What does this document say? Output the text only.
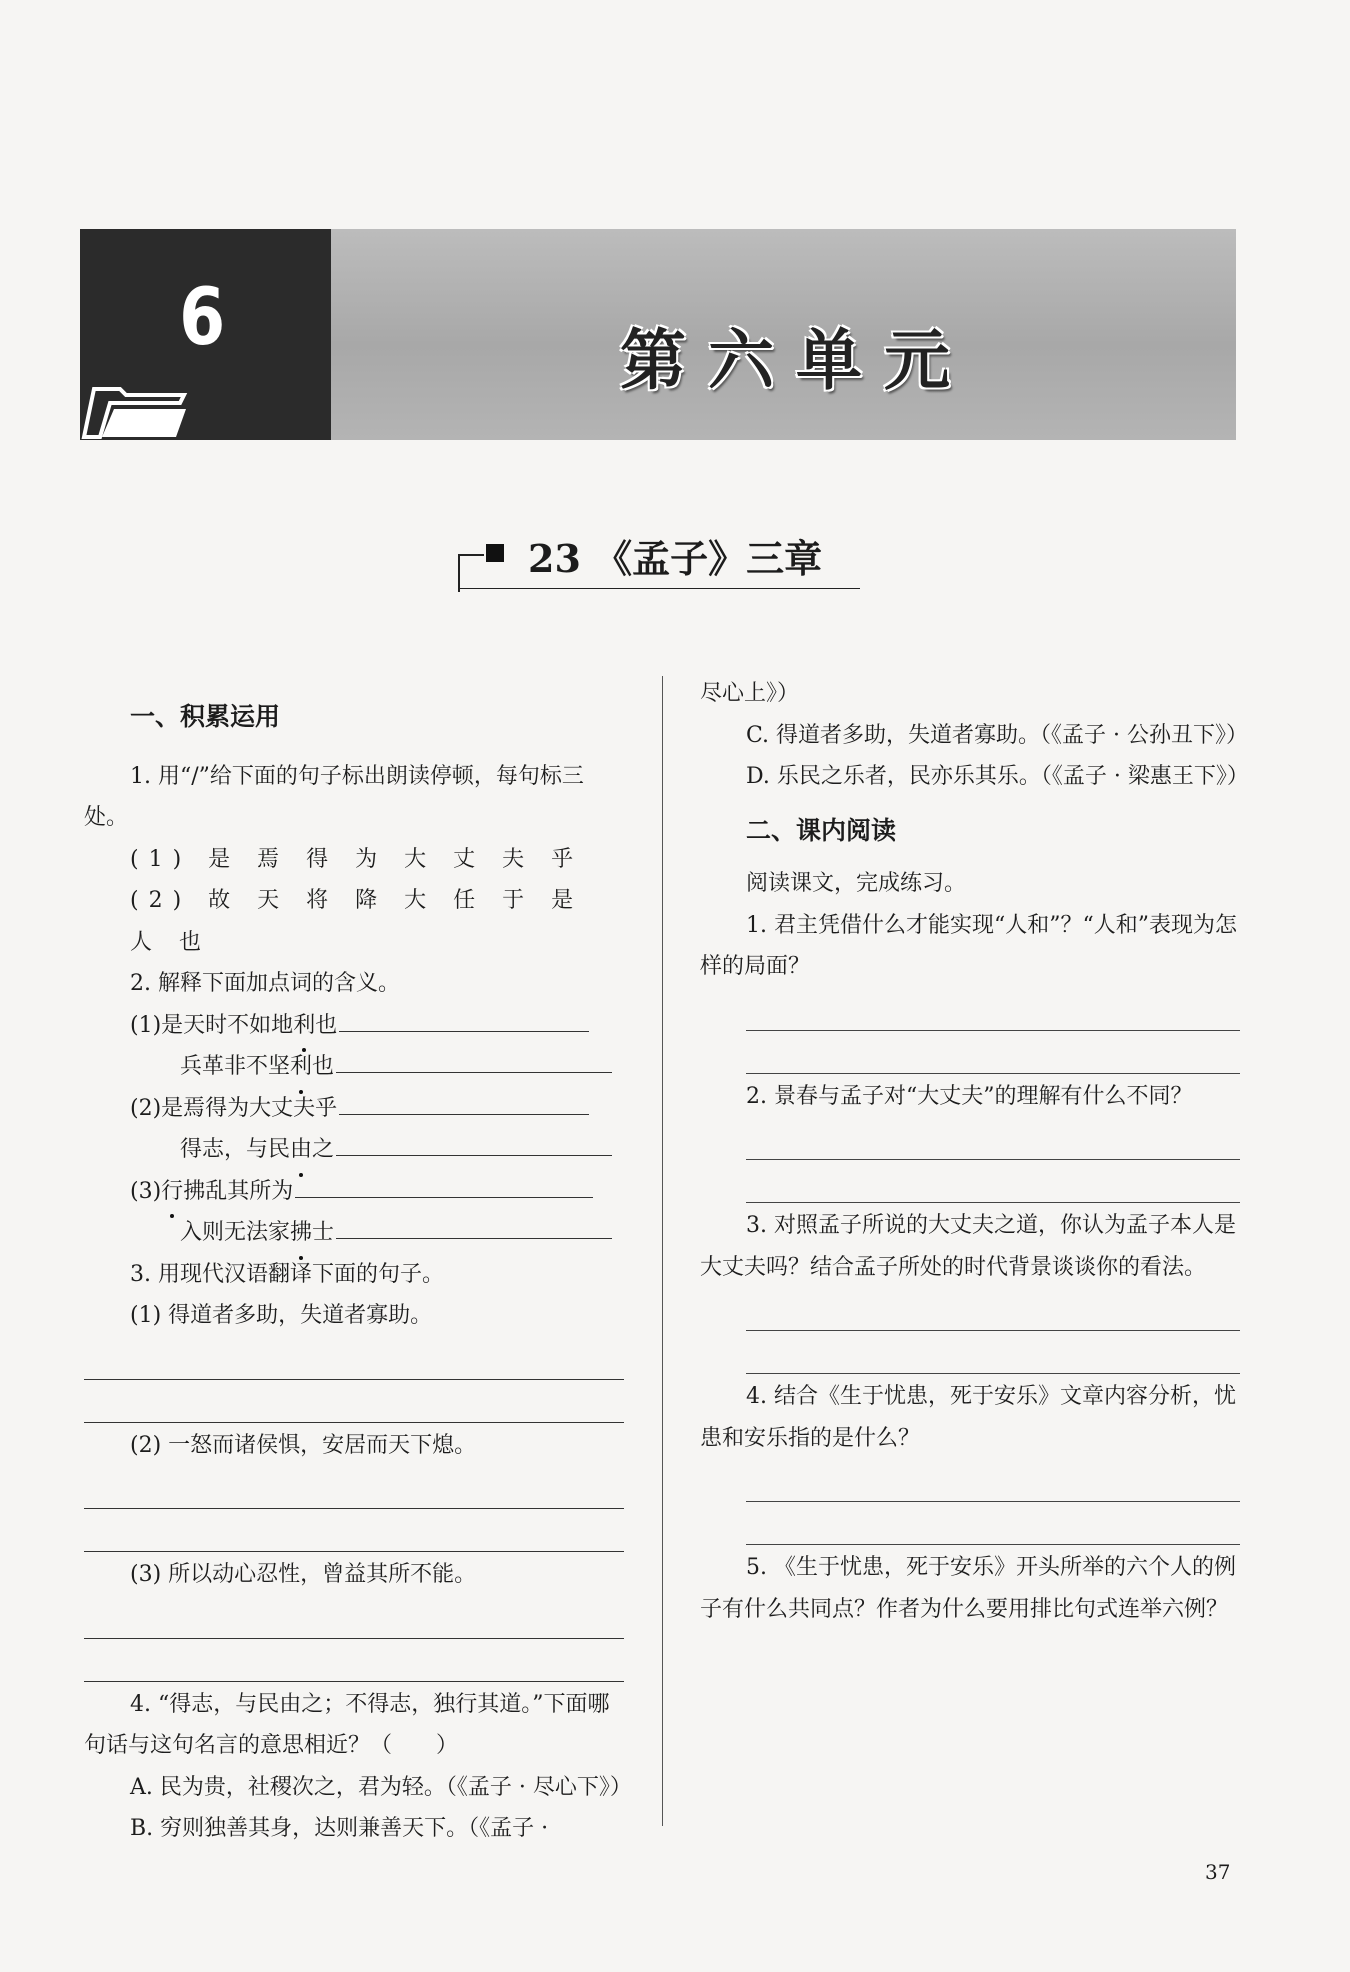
6	第六单元
23 《孟子》三章

一、积累运用

1. 用“/”给下面的句子标出朗读停顿，每句标三处。

(1) 是 焉 得 为 大 丈 夫 乎

(2) 故 天 将 降 大 任 于 是 人 也

2. 解释下面加点词的含义。

(1) 是天时不如地 利 也
兵革非不坚 利 也
(2) 是焉得为大丈夫乎
得志，与民 由 之
(3) 行 拂乱其所为
入则无法家 拂 士

3. 用现代汉语翻译下面的句子。

(1) 得道者多助，失道者寡助。

(2) 一怒而诸侯惧，安居而天下熄。

(3) 所以动心忍性，曾益其所不能。

4. “得志，与民由之；不得志，独行其道。”下面哪句话与这句名言的意思相近？（　　）

A. 民为贵，社稷次之，君为轻。（《孟子 · 尽心下》）

B. 穷则独善其身，达则兼善天下。（《孟子 ·

尽心上》）

C. 得道者多助，失道者寡助。（《孟子 · 公孙丑下》）

D. 乐民之乐者，民亦乐其乐。（《孟子 · 梁惠王下》）

二、课内阅读

阅读课文，完成练习。

1. 君主凭借什么才能实现“人和”？“人和”表现为怎样的局面？

2. 景春与孟子对“大丈夫”的理解有什么不同？

3. 对照孟子所说的大丈夫之道，你认为孟子本人是大丈夫吗？结合孟子所处的时代背景谈谈你的看法。

4. 结合《生于忧患，死于安乐》文章内容分析，忧患和安乐指的是什么？

5. 《生于忧患，死于安乐》开头所举的六个人的例子有什么共同点？作者为什么要用排比句式连举六例？

37
